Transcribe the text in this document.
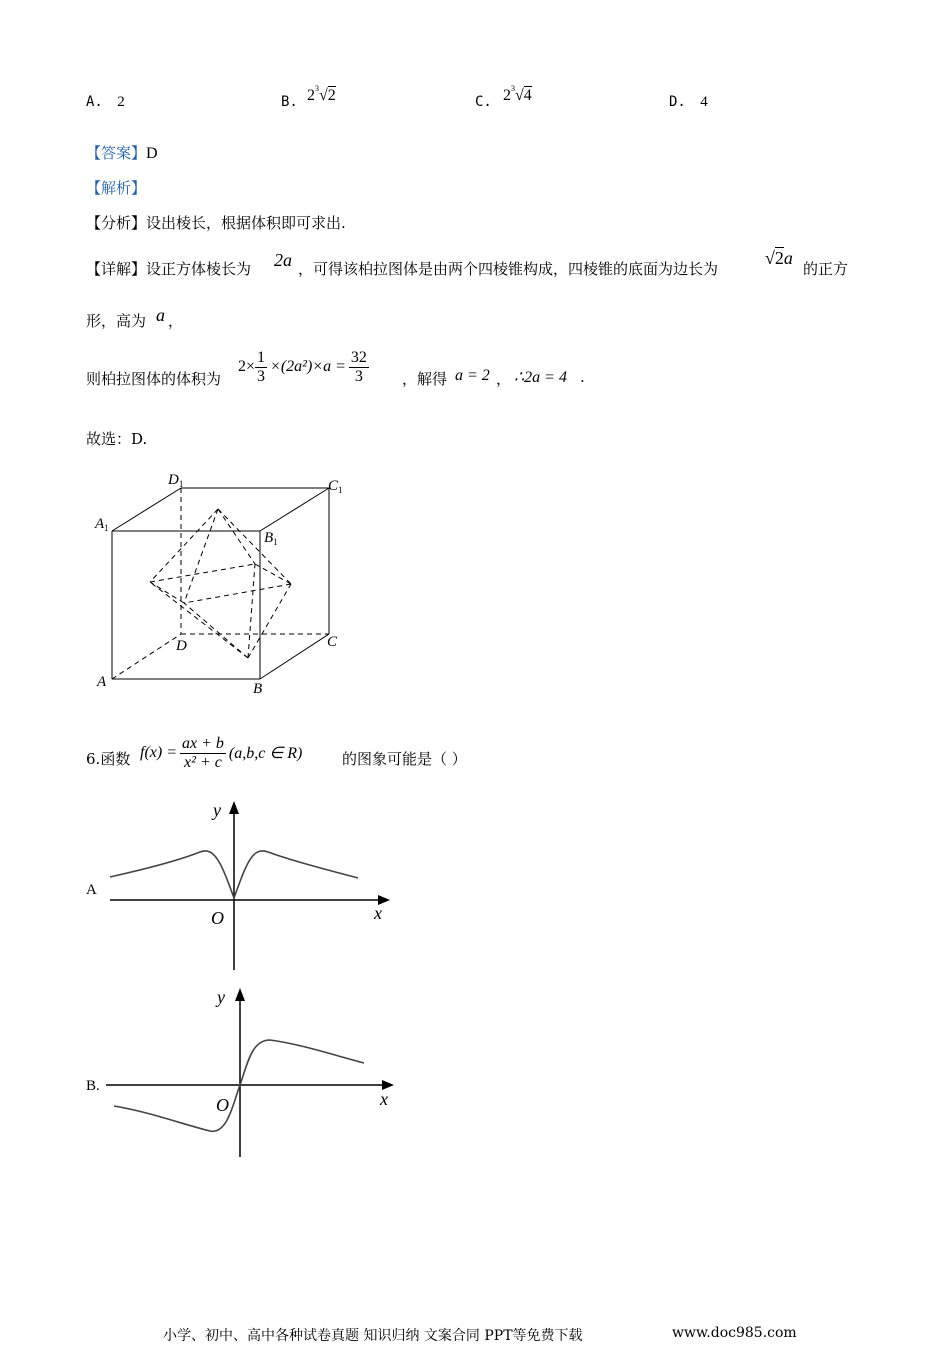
A. 2	B. $2^3√2$	C. $2^3√4$	D. 4
【答案】D
【解析】
【分析】设出棱长，根据体积即可求出.
【详解】设正方体棱长为 2a ，可得该柏拉图体是由两个四棱锥构成，四棱锥的底面为边长为
√2a
的正方
形，高为 a ，
则柏拉图体的体积为
$2\times \frac{1}{3} \times(2a^2)\times a = \frac{32}{3}$ ，解得 a = 2 ， ∴2a = 4 .
故选：D.
$D_1$	$C_1$
$A_1$
$B_1$
D	C
A	B
6.函数 $f(x) = \frac{ax + b}{\text{x² + c}} (a,b,c$ ∈ R)	的图象可能是（ ）
A
y
x
O
B.
y
x
O
小学、初中、高中各种试卷真题 知识归纳 文案合同 PPT等免费下载	www.doc985.com
